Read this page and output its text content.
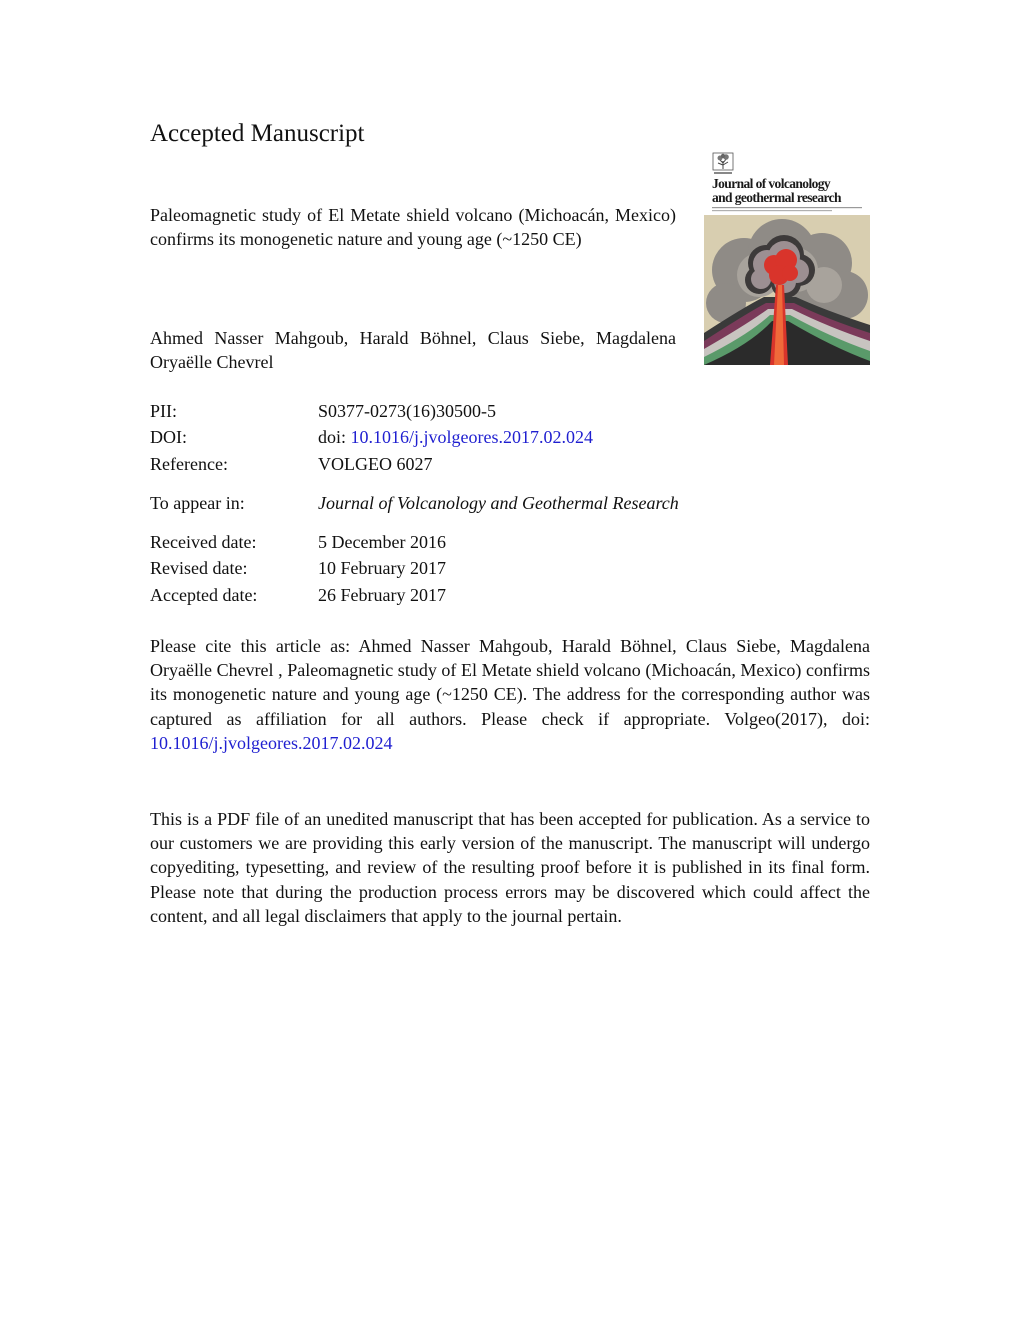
Accepted Manuscript

Paleomagnetic study of El Metate shield volcano (Michoacán, Mexico) confirms its monogenetic nature and young age (~1250 CE)

Ahmed Nasser Mahgoub, Harald Böhnel, Claus Siebe, Magdalena Oryaëlle Chevrel

Journal of volcanology
and geothermal research
PII:	S0377-0273(16)30500-5
DOI:	doi: 10.1016/j.jvolgeores.2017.02.024
Reference:	VOLGEO 6027
To appear in:	Journal of Volcanology and Geothermal Research
Received date:	5 December 2016
Revised date:	10 February 2017
Accepted date:	26 February 2017

Please cite this article as: Ahmed Nasser Mahgoub, Harald Böhnel, Claus Siebe, Magdalena Oryaëlle Chevrel , Paleomagnetic study of El Metate shield volcano (Michoacán, Mexico) confirms its monogenetic nature and young age (~1250 CE). The address for the corresponding author was captured as affiliation for all authors. Please check if appropriate. Volgeo(2017), doi: 10.1016/j.jvolgeores.2017.02.024

This is a PDF file of an unedited manuscript that has been accepted for publication. As a service to our customers we are providing this early version of the manuscript. The manuscript will undergo copyediting, typesetting, and review of the resulting proof before it is published in its final form. Please note that during the production process errors may be discovered which could affect the content, and all legal disclaimers that apply to the journal pertain.
